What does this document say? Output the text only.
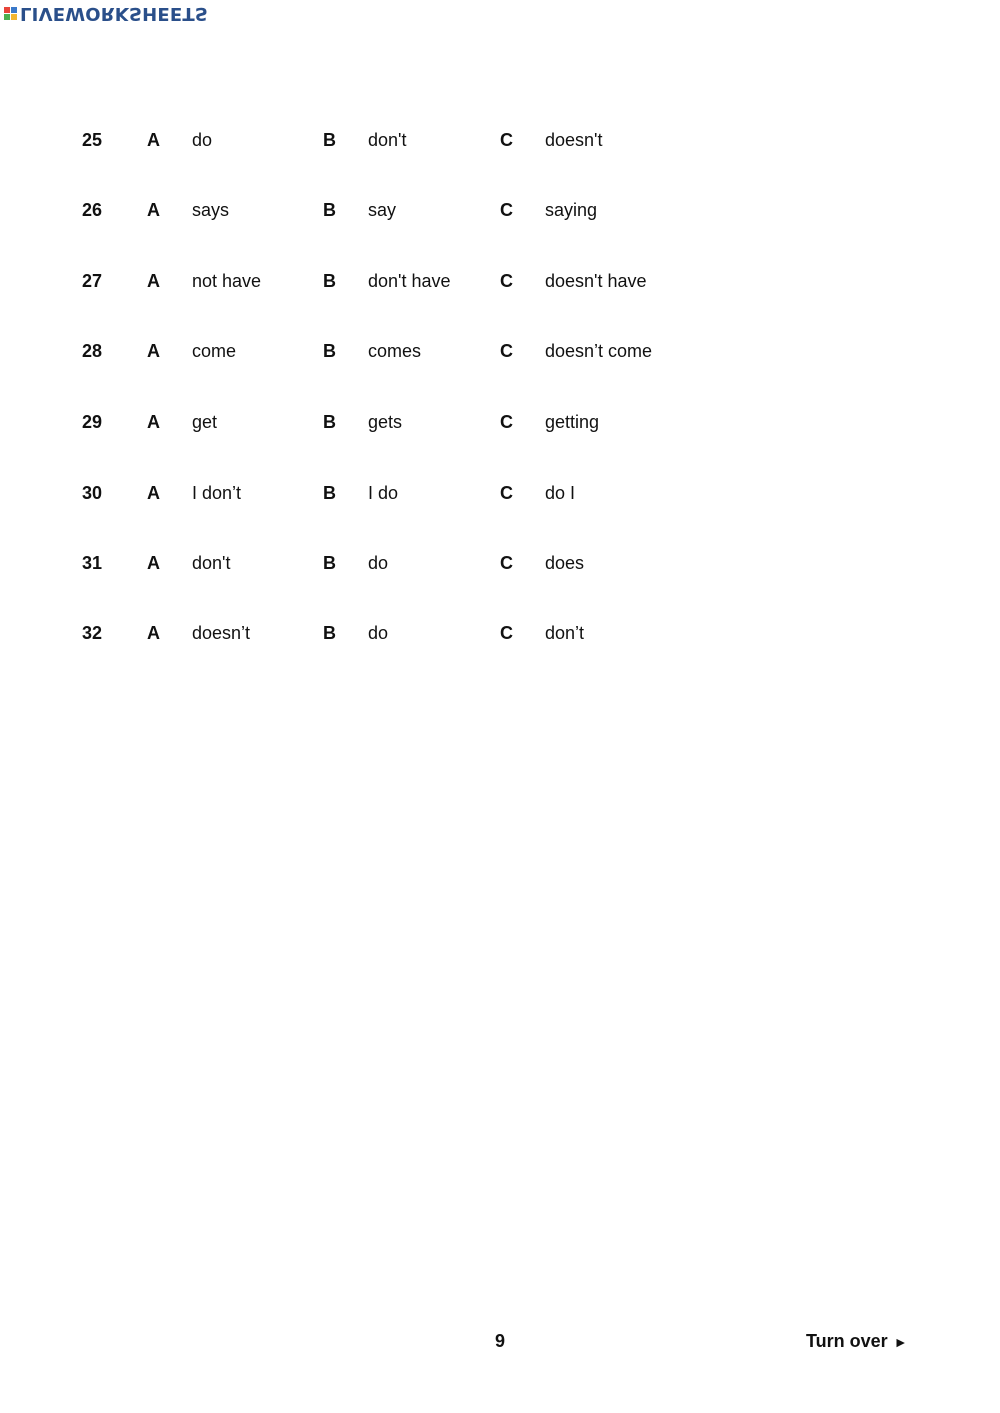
LIVEWORKSHEETS
25 A do	B don't	C doesn't
26 A says	B say	C saying
27 A not have	B don't have	C doesn't have
28 A come	B comes	C doesn’t come
29 A get	B gets	C getting
30 A I don’t	B I do	C do I
31 A don't	B do	C does
32 A doesn’t	B do	C don’t
9	Turn over ►
